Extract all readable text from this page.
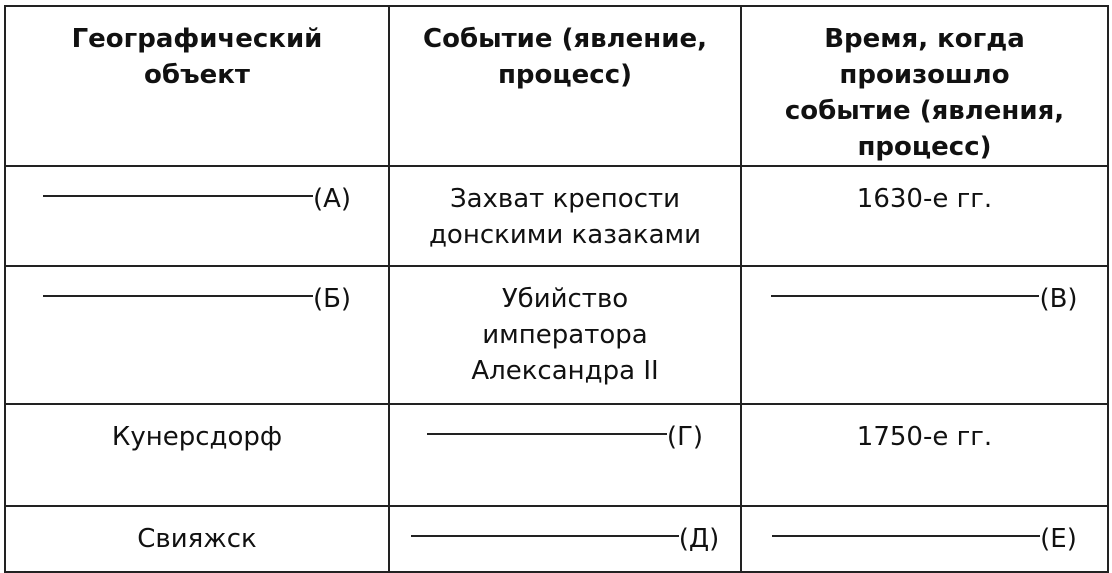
Географический объект	Событие (явление, процесс)	Время, когда произошло событие (явления, процесс)

(А)	Захват крепости донскими казаками	1630-е гг.

(Б)	Убийство императора Александра II	(В)

Кунерсдорф	(Г)	1750-е гг.
Свияжск	(Д)	(Е)
